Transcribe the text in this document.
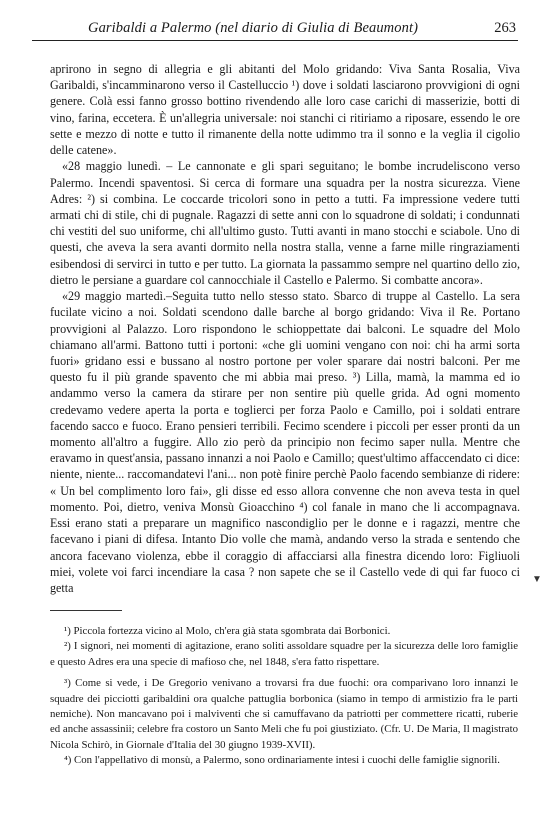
Garibaldi a Palermo (nel diario di Giulia di Beaumont)	263

aprirono in segno di allegria e gli abitanti del Molo gridando: Viva Santa Rosalia, Viva Garibaldi, s'incamminarono verso il Castelluccio ¹) dove i soldati lasciarono provvigioni di ogni genere. Colà essi fanno grosso bottino rivendendo alle loro case carichi di masserizie, botti di vino, farina, eccetera. È un'allegria universale: noi stanchi ci ritiriamo a riposare, essendo le ore sette e mezzo di notte e tutto il rimanente della notte udimmo tra il sonno e la veglia il cigolio delle catene».

«28 maggio lunedì. – Le cannonate e gli spari seguitano; le bombe incrudeliscono verso Palermo. Incendi spaventosi. Si cerca di formare una squadra per la nostra sicurezza. Viene Adres: ²) si combina. Le coccarde tricolori sono in petto a tutti. Fa impressione vedere tutti armati chi di stile, chi di pugnale. Ragazzi di sette anni con lo squadrone di soldati; i condunnati chi vestiti del suo uniforme, chi all'ultimo gusto. Tutti avanti in mano stocchi e sciabole. Uno di questi, che aveva la sera avanti dormito nella nostra stalla, venne a farne mille ringraziamenti esibendosi di servirci in tutto e per tutto. La giornata la passammo sempre nel quartino dello zio, dietro le persiane a guardare col cannocchiale il Castello e Palermo. Si combatte ancora».

«29 maggio martedì.–Seguita tutto nello stesso stato. Sbarco di truppe al Castello. La sera fucilate vicino a noi. Soldati scendono dalle barche al borgo gridando: Viva il Re. Portano provvigioni al Palazzo. Loro rispondono le schioppettate dai balconi. Le squadre del Molo chiamano all'armi. Battono tutti i portoni: «che gli uomini vengano con noi: chi ha armi sorta fuori» gridano essi e bussano al nostro portone per voler sparare dai nostri balconi. Per me questo fu il più grande spavento che mi abbia mai preso. ³) Lilla, mamà, la mamma ed io andammo verso la camera da stirare per non sentire più quelle grida. Ad ogni momento credevamo vedere aperta la porta e toglierci per forza Paolo e Camillo, poi i soldati entrare facendo sacco e fuoco. Erano pensieri terribili. Fecimo scendere i piccoli per esser pronti da un momento all'altro a fuggire. Allo zio però da principio non fecimo saper nulla. Mentre che eravamo in quest'ansia, passano innanzi a noi Paolo e Camillo; quest'ultimo affaccendato ci dice: niente, niente... raccomandatevi l'ani... non potè finire perchè Paolo facendo sembianze di ridere: « Un bel complimento loro fai», gli disse ed esso allora convenne che non aveva testa in quel momento. Poi, dietro, veniva Monsù Gioacchino ⁴) col fanale in mano che li accompagnava. Essi erano stati a preparare un magnifico nascondiglio per le donne e i ragazzi, mentre che facevano i piani di difesa. Intanto Dio volle che mamà, andando verso la strada e sentendo che ancora facevano violenza, ebbe il coraggio di affacciarsi alla finestra dicendo loro: Figliuoli miei, volete voi farci incendiare la casa ? non sapete che se il Castello vede di qui far fuoco ci getta

▼

¹) Piccola fortezza vicino al Molo, ch'era già stata sgombrata dai Borbonici.

²) I signori, nei momenti di agitazione, erano soliti assoldare squadre per la sicurezza delle loro famiglie e questo Adres era una specie di mafioso che, nel 1848, s'era fatto rispettare.

³) Come si vede, i De Gregorio venivano a trovarsi fra due fuochi: ora comparivano loro innanzi le squadre dei picciotti garibaldini ora qualche pattuglia borbonica (siamo in tempo di armistizio fra le parti nemiche). Non mancavano poi i malviventi che si camuffavano da patriotti per commettere ricatti, ruberie ed anche assassinii; celebre fra costoro un Santo Meli che fu poi giustiziato. (Cfr. U. De Maria, Il magistrato Nicola Schirò, in Giornale d'Italia del 30 giugno 1939-XVII).

⁴) Con l'appellativo di monsù, a Palermo, sono ordinariamente intesi i cuochi delle famiglie signorili.
